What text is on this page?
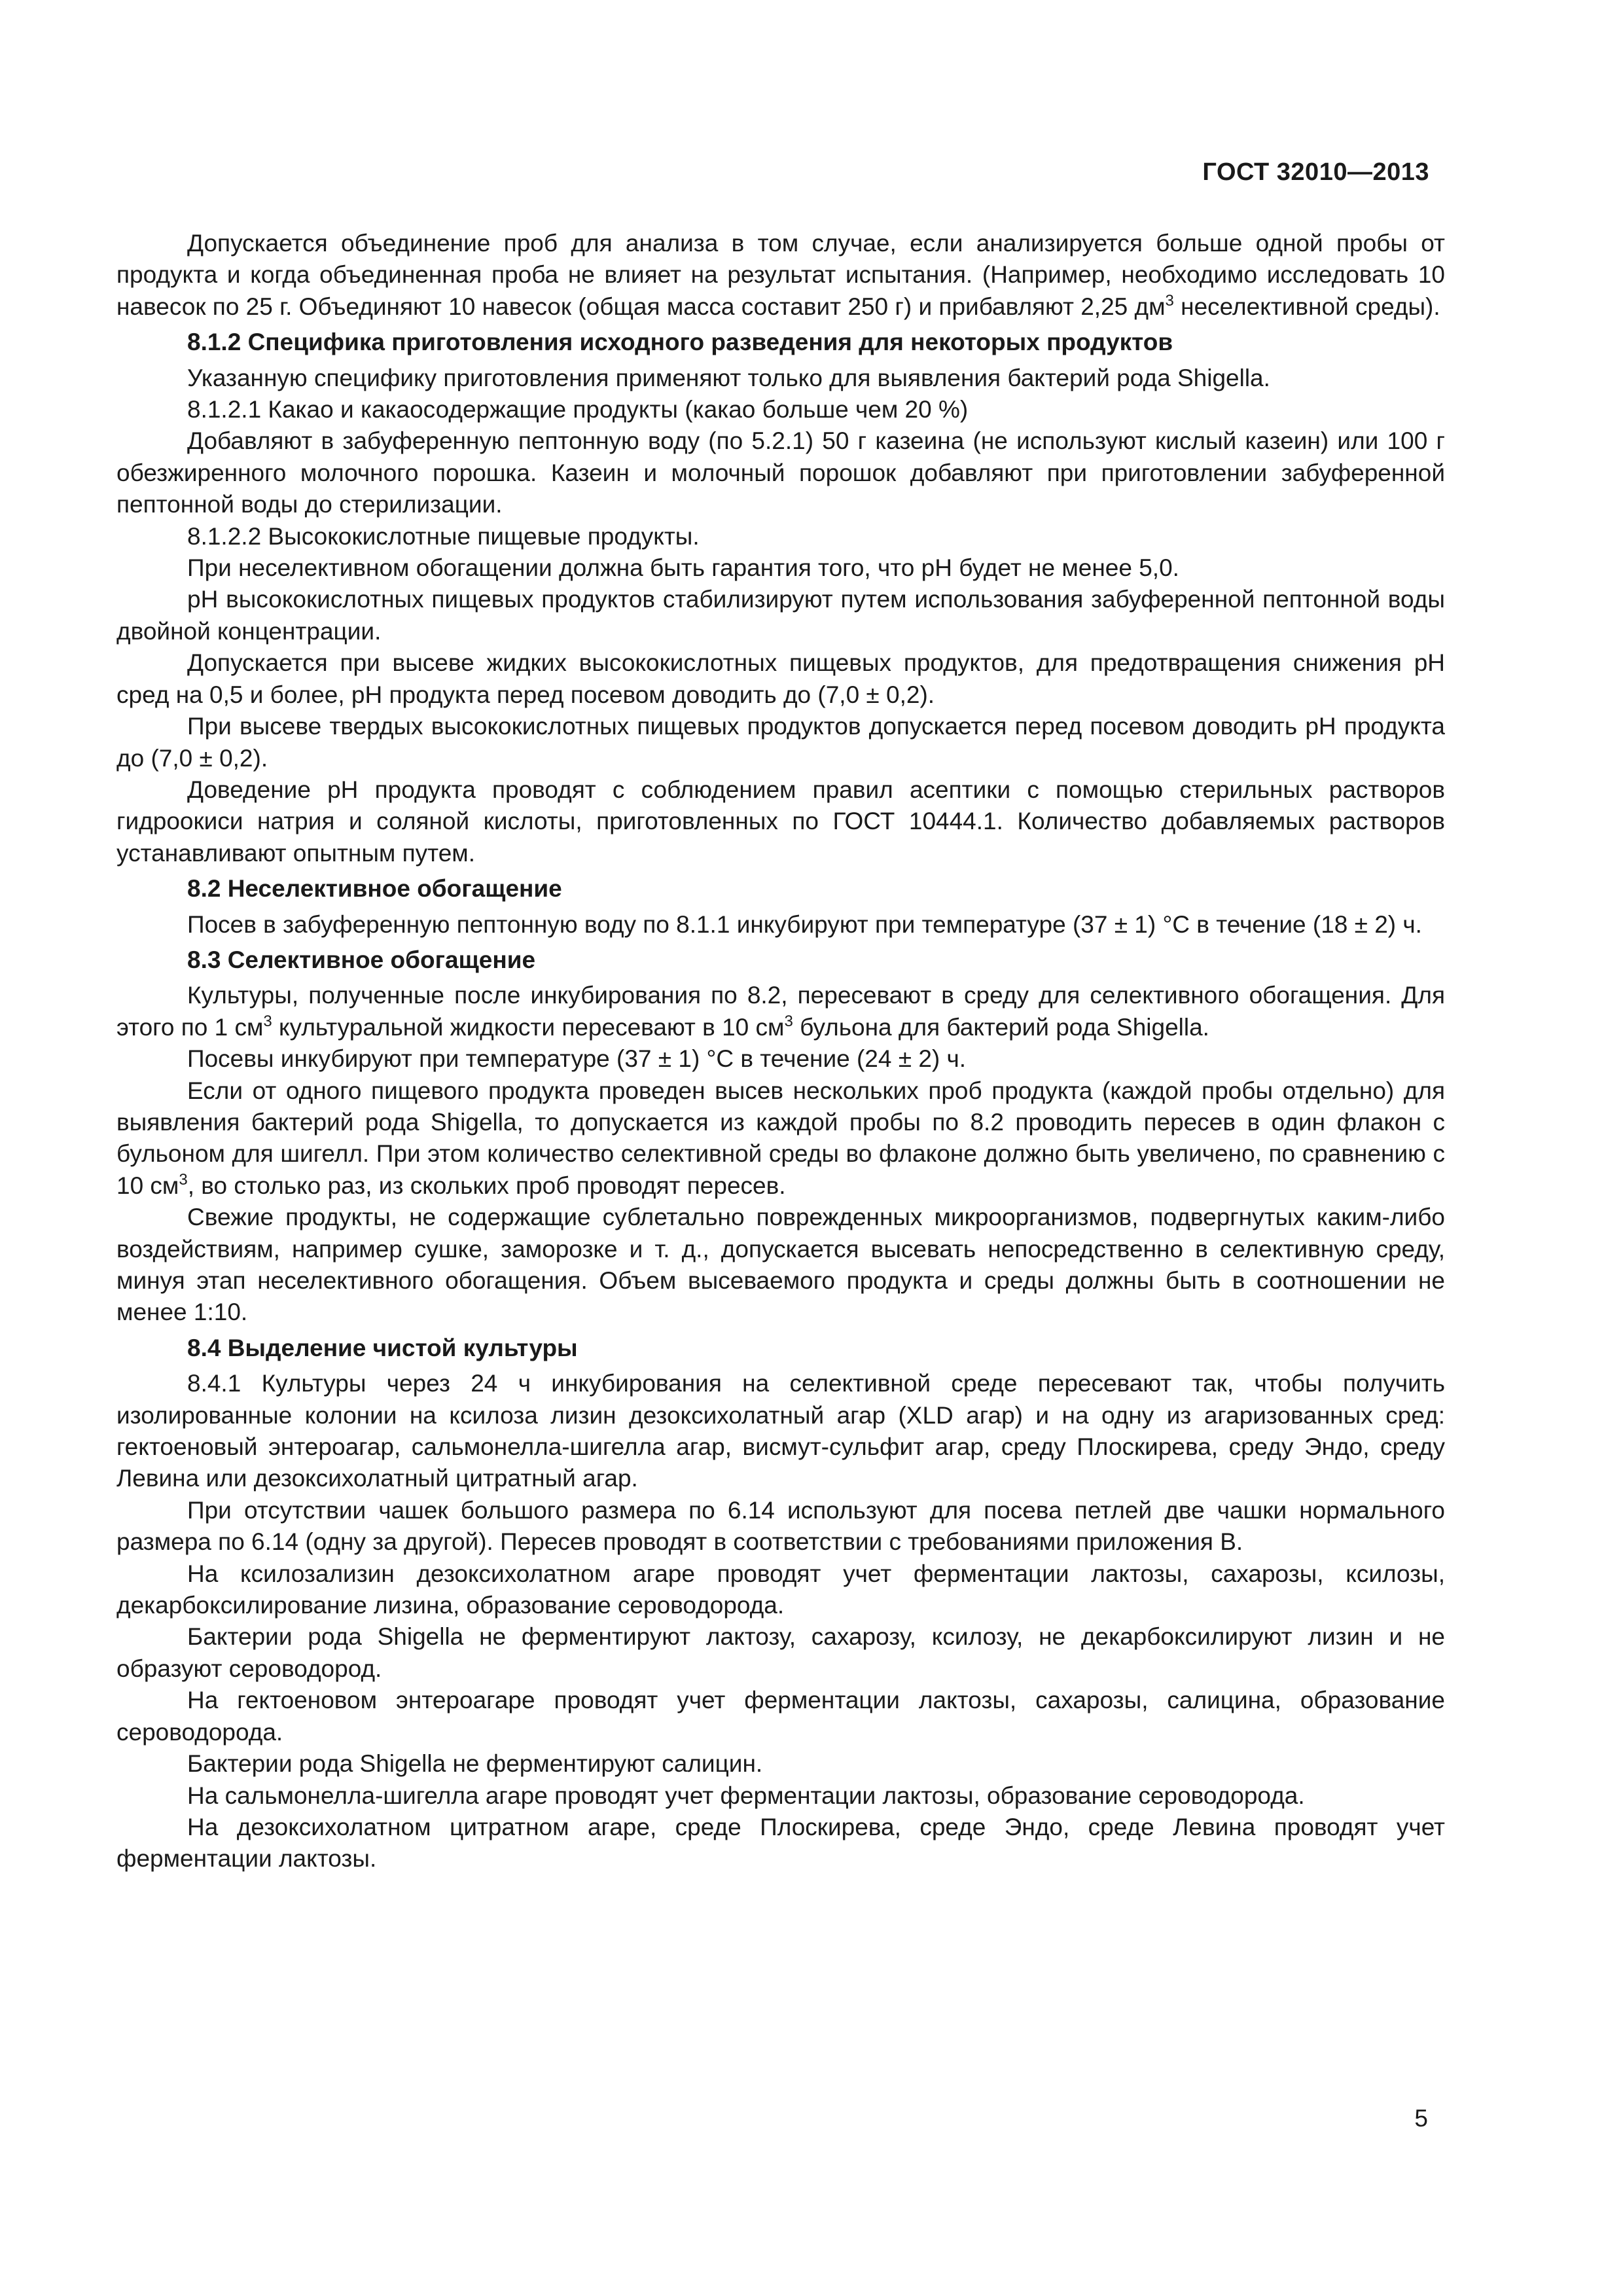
ГОСТ 32010—2013

Допускается объединение проб для анализа в том случае, если анализируется больше одной пробы от продукта и когда объединенная проба не влияет на результат испытания. (Например, необходимо исследовать 10 навесок по 25 г. Объединяют 10 навесок (общая масса составит 250 г) и прибавляют 2,25 $дм^3$ неселективной среды).

8.1.2 Специфика приготовления исходного разведения для некоторых продуктов

Указанную специфику приготовления применяют только для выявления бактерий рода Shigella.

8.1.2.1 Какао и какаосодержащие продукты (какао больше чем 20 %)

Добавляют в забуференную пептонную воду (по 5.2.1) 50 г казеина (не используют кислый казеин) или 100 г обезжиренного молочного порошка. Казеин и молочный порошок добавляют при приготовлении забуференной пептонной воды до стерилизации.

8.1.2.2 Высококислотные пищевые продукты.

При неселективном обогащении должна быть гарантия того, что pH будет не менее 5,0.

pH высококислотных пищевых продуктов стабилизируют путем использования забуференной пептонной воды двойной концентрации.

Допускается при высеве жидких высококислотных пищевых продуктов, для предотвращения снижения pH сред на 0,5 и более, pH продукта перед посевом доводить до (7,0 ± 0,2).

При высеве твердых высококислотных пищевых продуктов допускается перед посевом доводить pH продукта до (7,0 ± 0,2).

Доведение pH продукта проводят с соблюдением правил асептики с помощью стерильных растворов гидроокиси натрия и соляной кислоты, приготовленных по ГОСТ 10444.1. Количество добавляемых растворов устанавливают опытным путем.

8.2 Неселективное обогащение

Посев в забуференную пептонную воду по 8.1.1 инкубируют при температуре (37 ± 1) °С в течение (18 ± 2) ч.

8.3 Селективное обогащение

Культуры, полученные после инкубирования по 8.2, пересевают в среду для селективного обогащения. Для этого по 1 $см^3$ культуральной жидкости пересевают в 10 $см^3$ бульона для бактерий рода Shigella.

Посевы инкубируют при температуре (37 ± 1) °С в течение (24 ± 2) ч.

Если от одного пищевого продукта проведен высев нескольких проб продукта (каждой пробы отдельно) для выявления бактерий рода Shigella, то допускается из каждой пробы по 8.2 проводить пересев в один флакон с бульоном для шигелл. При этом количество селективной среды во флаконе должно быть увеличено, по сравнению с 10 $см^3$, во столько раз, из скольких проб проводят пересев.

Свежие продукты, не содержащие сублетально поврежденных микроорганизмов, подвергнутых каким-либо воздействиям, например сушке, заморозке и т. д., допускается высевать непосредственно в селективную среду, минуя этап неселективного обогащения. Объем высеваемого продукта и среды должны быть в соотношении не менее 1:10.

8.4 Выделение чистой культуры

8.4.1 Культуры через 24 ч инкубирования на селективной среде пересевают так, чтобы получить изолированные колонии на ксилоза лизин дезоксихолатный агар (XLD агар) и на одну из агаризованных сред: гектоеновый энтероагар, сальмонелла-шигелла агар, висмут-сульфит агар, среду Плоскирева, среду Эндо, среду Левина или дезоксихолатный цитратный агар.

При отсутствии чашек большого размера по 6.14 используют для посева петлей две чашки нормального размера по 6.14 (одну за другой). Пересев проводят в соответствии с требованиями приложения В.

На ксилозализин дезоксихолатном агаре проводят учет ферментации лактозы, сахарозы, ксилозы, декарбоксилирование лизина, образование сероводорода.

Бактерии рода Shigella не ферментируют лактозу, сахарозу, ксилозу, не декарбоксилируют лизин и не образуют сероводород.

На гектоеновом энтероагаре проводят учет ферментации лактозы, сахарозы, салицина, образование сероводорода.

Бактерии рода Shigella не ферментируют салицин.

На сальмонелла-шигелла агаре проводят учет ферментации лактозы, образование сероводорода.

На дезоксихолатном цитратном агаре, среде Плоскирева, среде Эндо, среде Левина проводят учет ферментации лактозы.

5
